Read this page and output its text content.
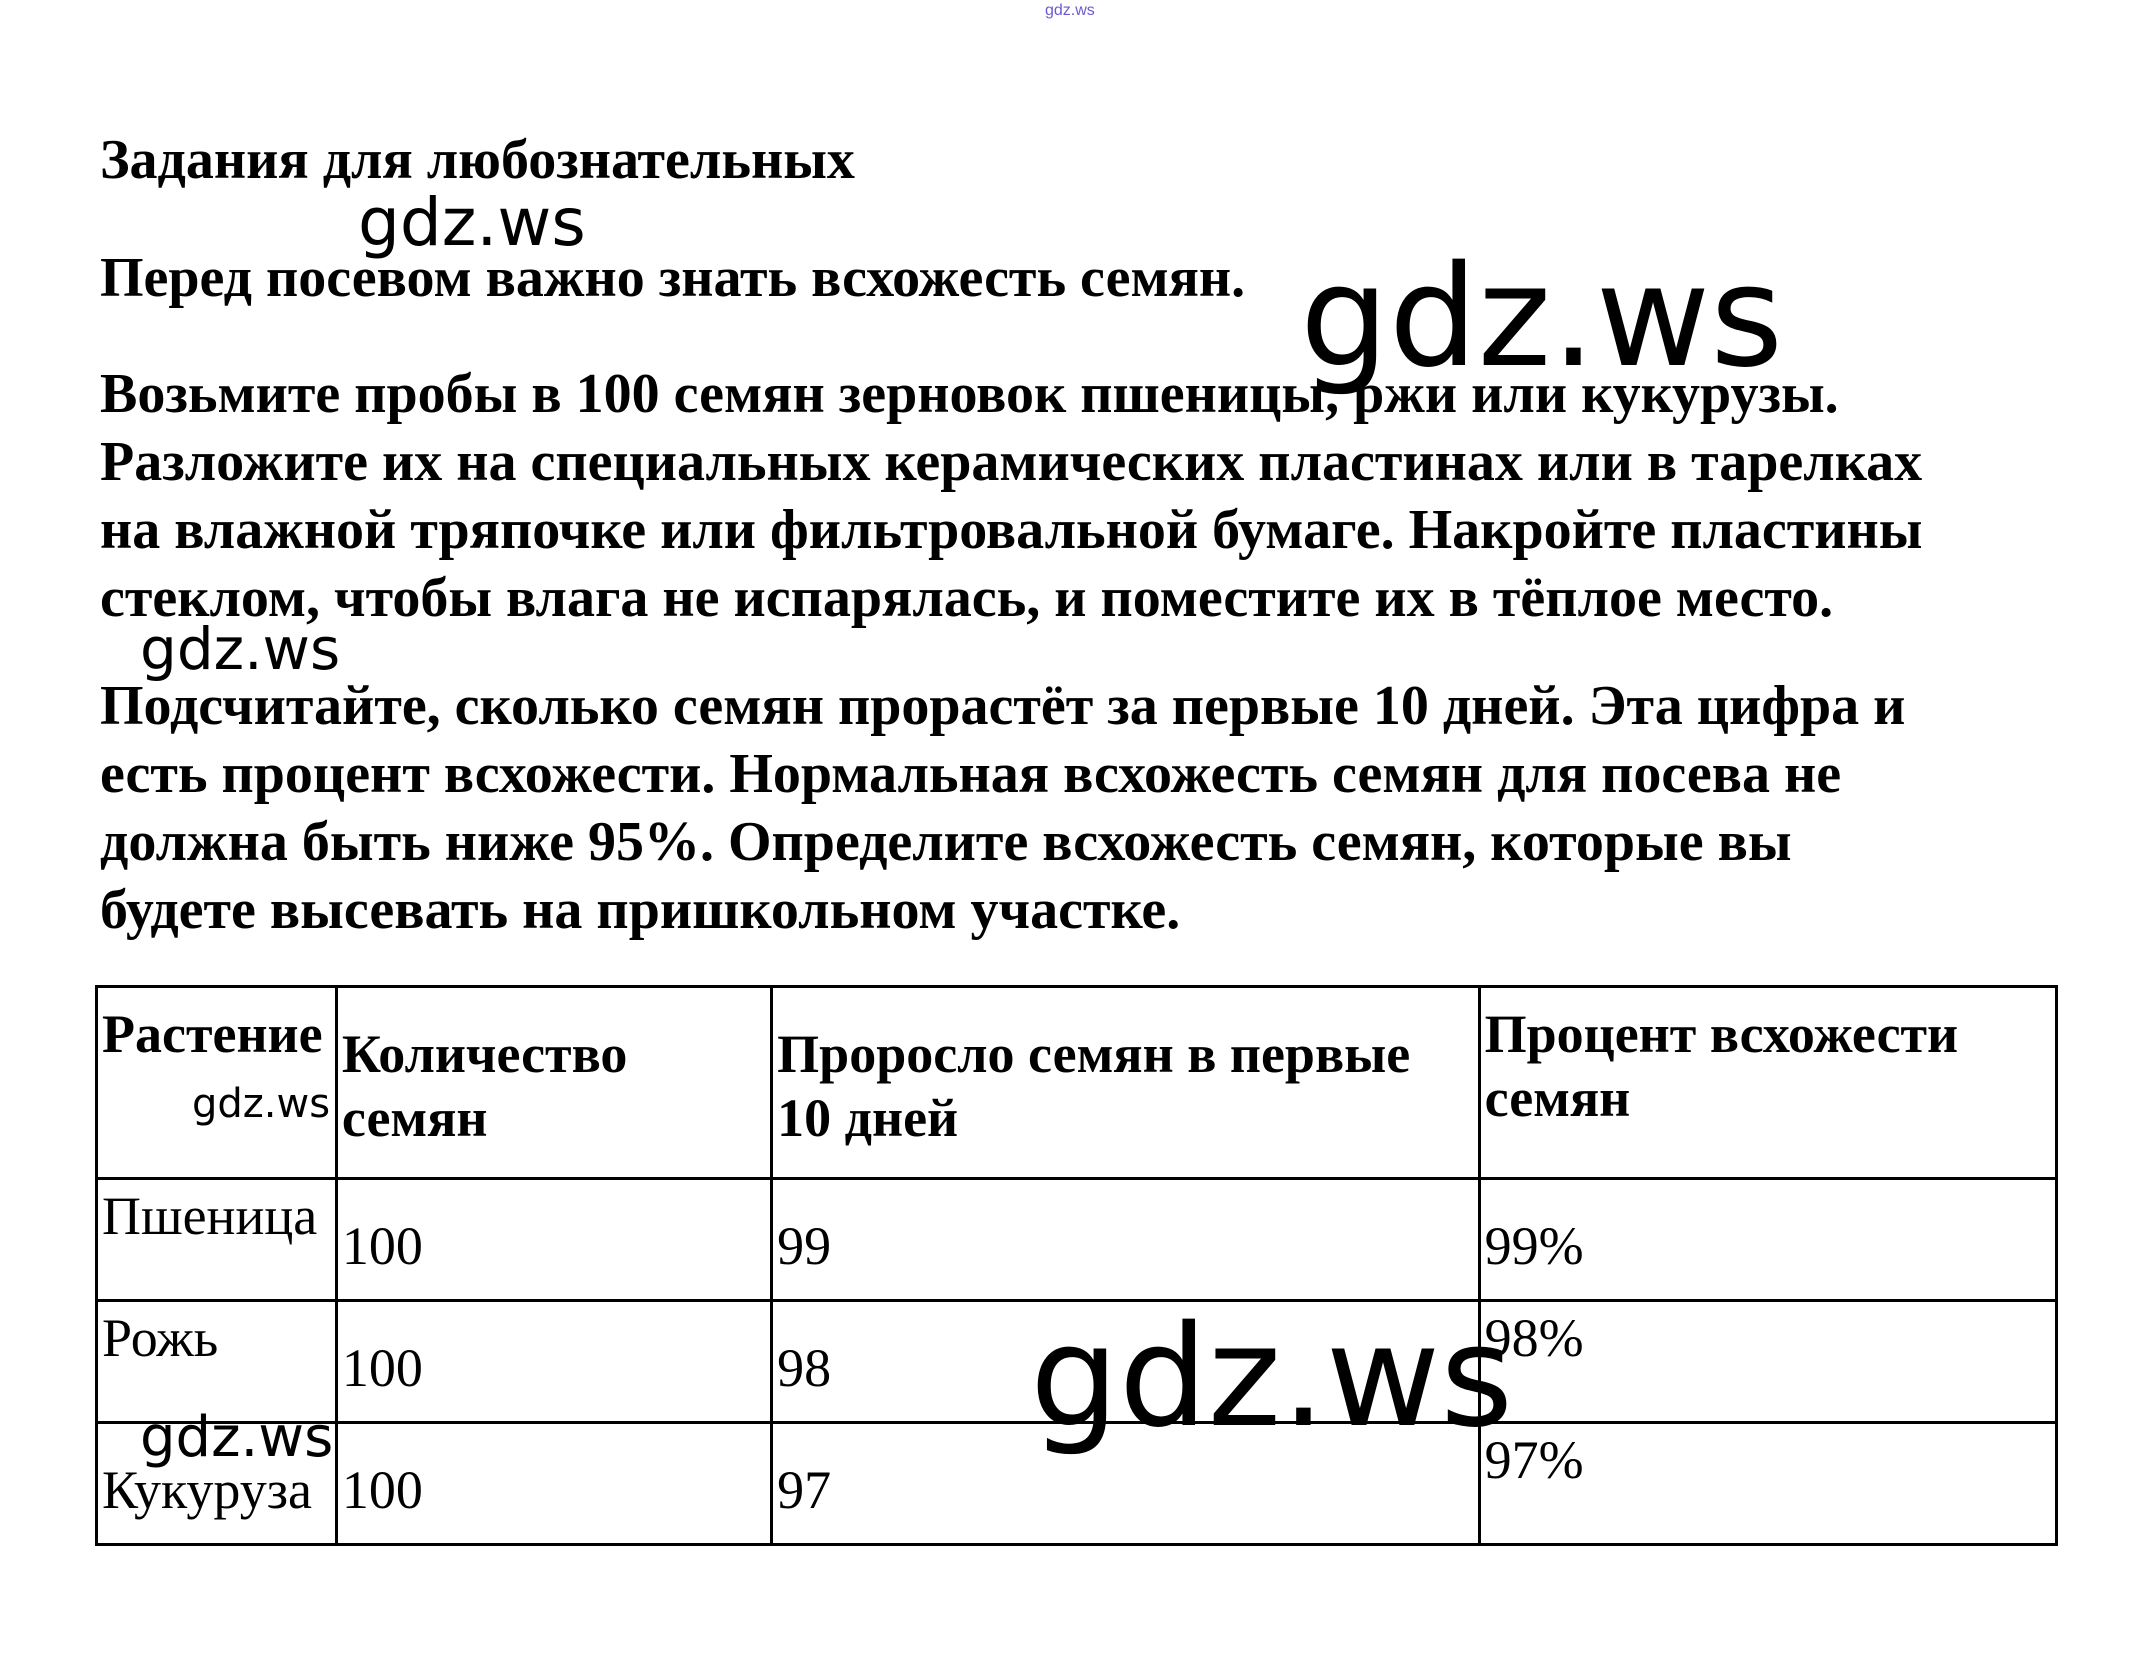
gdz.ws
Задания для любознательных
Перед посевом важно знать всхожесть семян.
Возьмите пробы в 100 семян зерновок пшеницы, ржи или кукурузы.
Разложите их на специальных керамических пластинах или в тарелках
на влажной тряпочке или фильтровальной бумаге. Накройте пластины
стеклом, чтобы влага не испарялась, и поместите их в тёплое место.
Подсчитайте, сколько семян прорастёт за первые 10 дней. Эта цифра и
есть процент всхожести. Нормальная всхожесть семян для посева не
должна быть ниже 95%. Определите всхожесть семян, которые вы
будете высевать на пришкольном участке.
Растение	Количество семян	Проросло семян в первые 10 дней	Процент всхожести семян
Пшеница	100	99	99%
Рожь	100	98	98%
Кукуруза	100	97	97%
gdz.ws
gdz.ws
gdz.ws
gdz.ws
gdz.ws
gdz.ws
